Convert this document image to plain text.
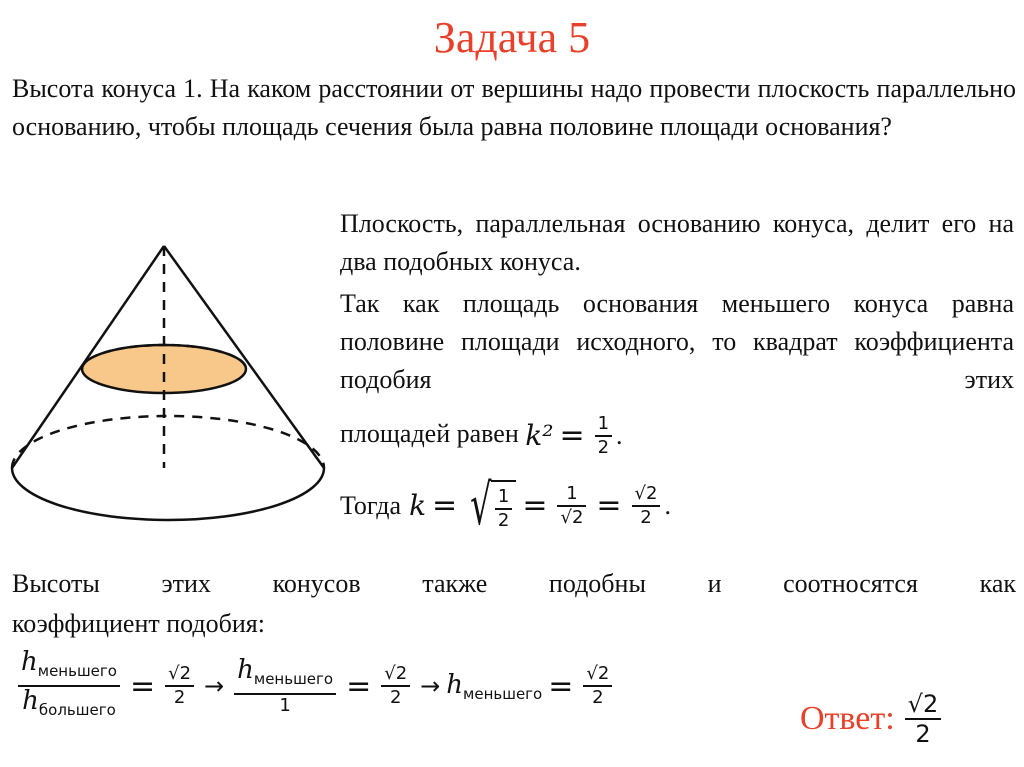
Задача 5
Высота конуса 1. На каком расстоянии от вершины надо провести плоскость параллельно основанию, чтобы площадь сечения была равна половине площади основания?
Плоскость, параллельная основанию конуса, делит его на два подобных конуса.
Так как площадь основания меньшего конуса равна половине площади исходного, то квадрат коэффициента подобия этих
площадей равен $k^2 = \frac{1}{2}$ .
Тогда k = √ $\frac{1}{2} = \frac{1}{√2} = \frac{√2}{2}$ .
Высоты этих конусов также подобны и соотносятся как
коэффициент подобия:
$\frac{h_{меньшего}}{h_{большего}} = \frac{√2}{2} \to \frac{h_{меньшего}}{1} = \frac{√2}{2}$ → hменьшего = $\frac{√2}{2}$
Ответ: $\frac{√2}{2}$
